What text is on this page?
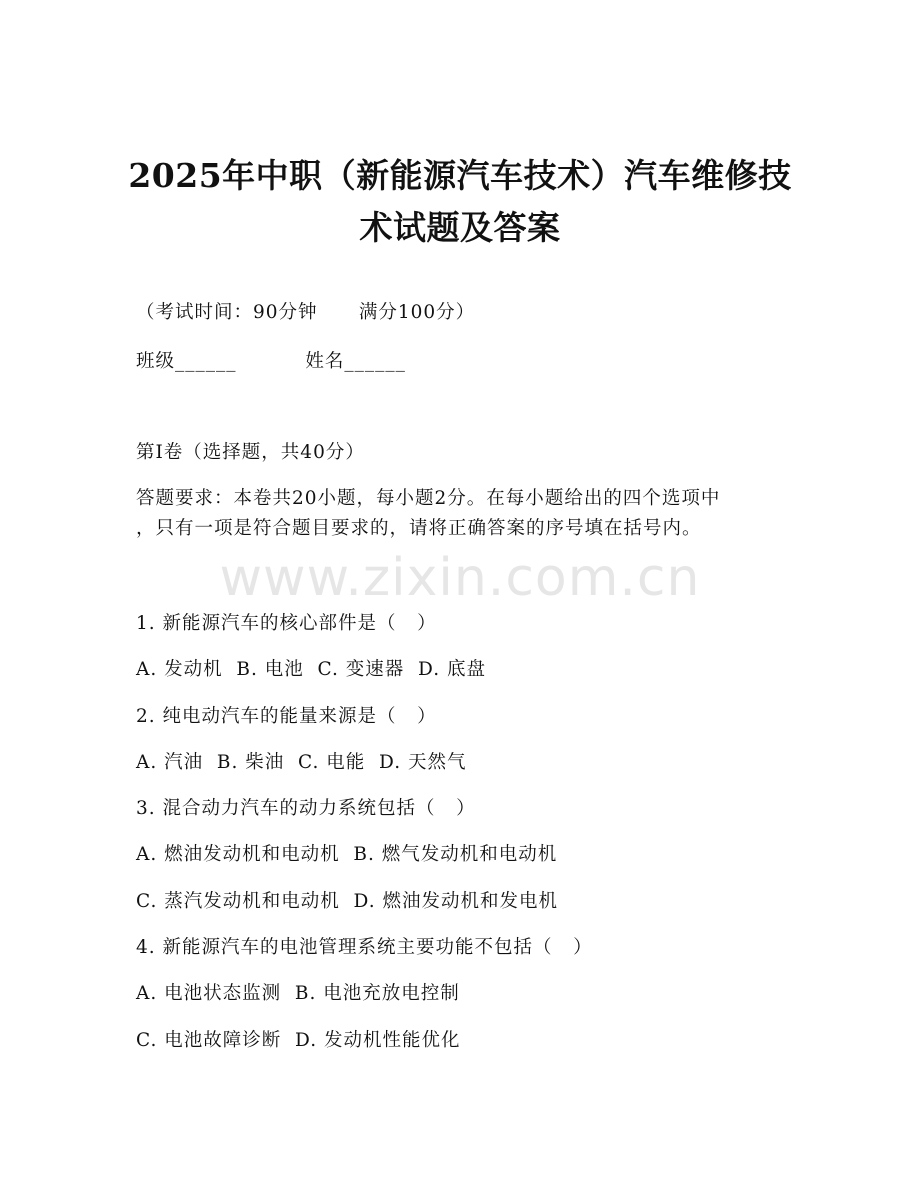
2025年中职（新能源汽车技术）汽车维修技
术试题及答案

（考试时间：90分钟      满分100分）

班级______	姓名______

第I卷（选择题，共40分）

答题要求：本卷共20小题，每小题2分。在每小题给出的四个选项中

，只有一项是符合题目要求的，请将正确答案的序号填在括号内。

www.zixin.com.cn

1. 新能源汽车的核心部件是（   ）

A. 发动机  B. 电池  C. 变速器  D. 底盘

2. 纯电动汽车的能量来源是（   ）

A. 汽油  B. 柴油  C. 电能  D. 天然气

3. 混合动力汽车的动力系统包括（   ）

A. 燃油发动机和电动机  B. 燃气发动机和电动机

C. 蒸汽发动机和电动机  D. 燃油发动机和发电机

4. 新能源汽车的电池管理系统主要功能不包括（   ）

A. 电池状态监测  B. 电池充放电控制

C. 电池故障诊断  D. 发动机性能优化
